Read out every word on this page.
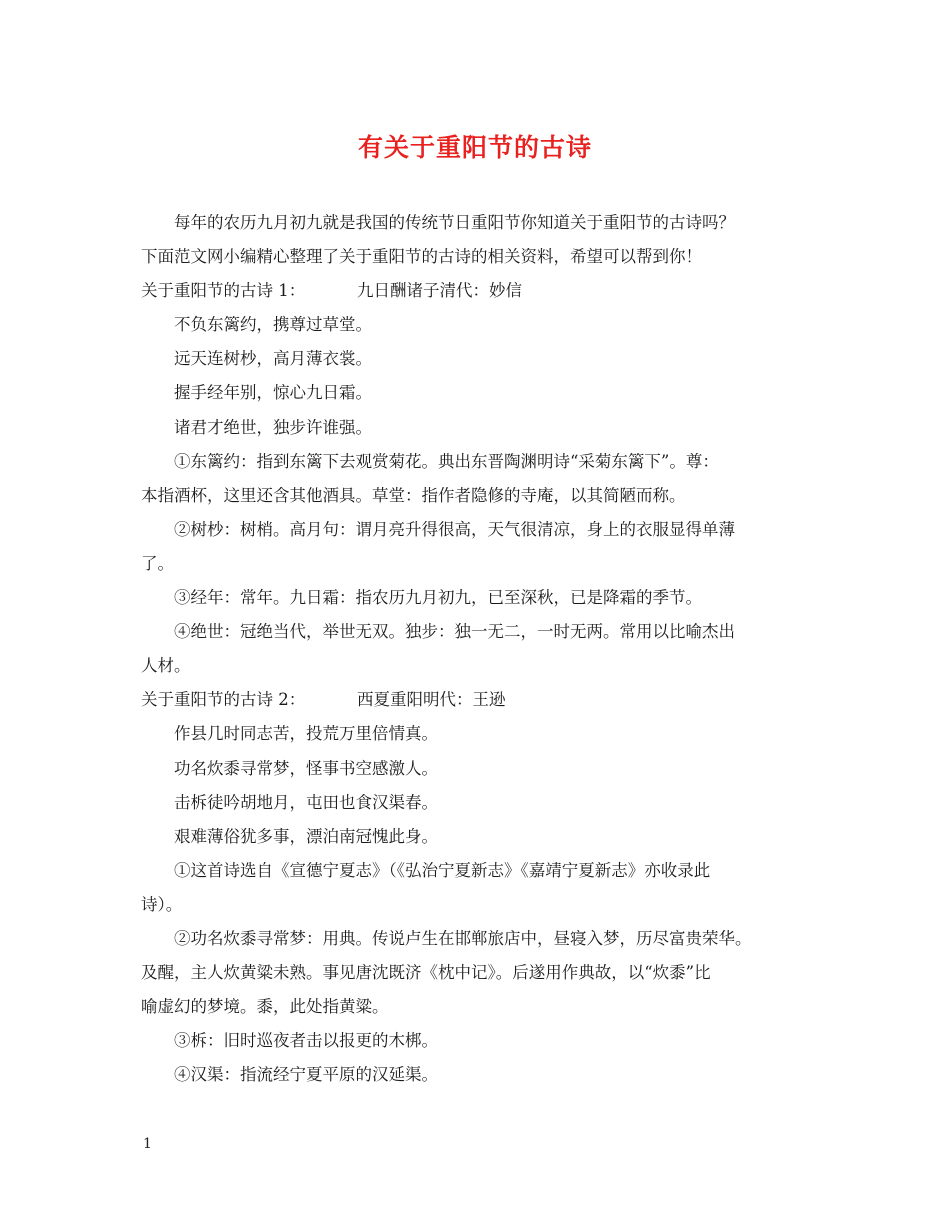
有关于重阳节的古诗
每年的农历九月初九就是我国的传统节日重阳节你知道关于重阳节的古诗吗？
下面范文网小编精心整理了关于重阳节的古诗的相关资料，希望可以帮到你！
关于重阳节的古诗 1：	九日酬诸子清代：妙信
不负东篱约，携尊过草堂。
远天连树杪，高月薄衣裳。
握手经年别，惊心九日霜。
诸君才绝世，独步许谁强。
①东篱约：指到东篱下去观赏菊花。典出东晋陶渊明诗“采菊东篱下”。尊：
本指酒杯，这里还含其他酒具。草堂：指作者隐修的寺庵，以其简陋而称。
②树杪：树梢。高月句：谓月亮升得很高，天气很清凉，身上的衣服显得单薄
了。
③经年：常年。九日霜：指农历九月初九，已至深秋，已是降霜的季节。
④绝世：冠绝当代，举世无双。独步：独一无二，一时无两。常用以比喻杰出
人材。
关于重阳节的古诗 2：	西夏重阳明代：王逊
作县几时同志苦，投荒万里倍情真。
功名炊黍寻常梦，怪事书空感激人。
击柝徒吟胡地月，屯田也食汉渠春。
艰难薄俗犹多事，漂泊南冠愧此身。
①这首诗选自《宣德宁夏志》（《弘治宁夏新志》《嘉靖宁夏新志》亦收录此
诗）。
②功名炊黍寻常梦：用典。传说卢生在邯郸旅店中，昼寝入梦，历尽富贵荣华。
及醒，主人炊黄粱未熟。事见唐沈既济《枕中记》。后遂用作典故，以“炊黍”比
喻虚幻的梦境。黍，此处指黄粱。
③柝：旧时巡夜者击以报更的木梆。
④汉渠：指流经宁夏平原的汉延渠。
1
